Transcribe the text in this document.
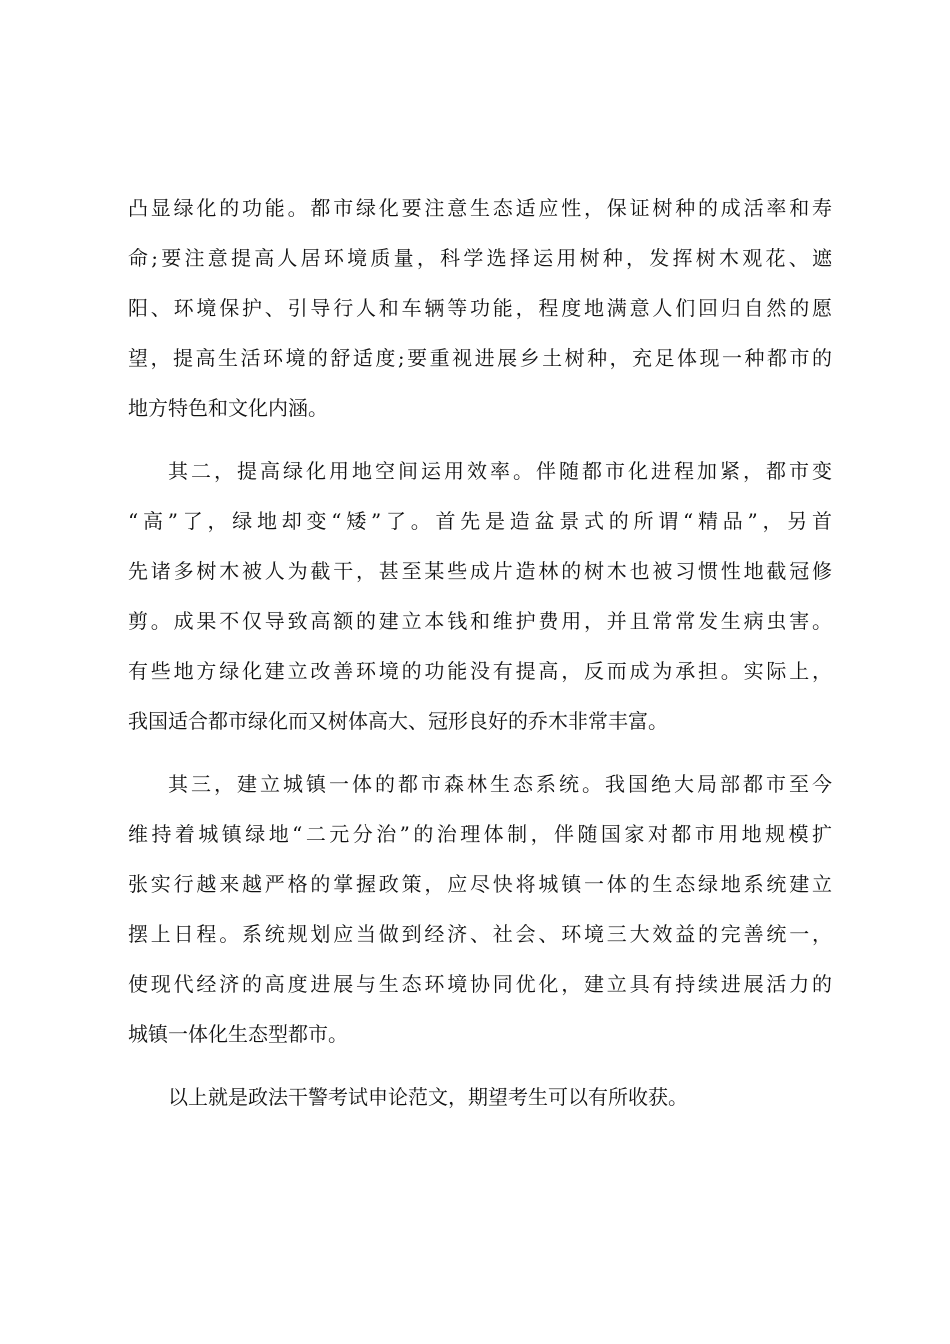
凸显绿化的功能。都市绿化要注意生态适应性，保证树种的成活率和寿
命;要注意提高人居环境质量，科学选择运用树种，发挥树木观花、遮
阳、环境保护、引导行人和车辆等功能，程度地满意人们回归自然的愿
望，提高生活环境的舒适度;要重视进展乡土树种，充足体现一种都市的
地方特色和文化内涵。
其二，提高绿化用地空间运用效率。伴随都市化进程加紧，都市变
“高”了，绿地却变“矮”了。首先是造盆景式的所谓“精品”，另首
先诸多树木被人为截干，甚至某些成片造林的树木也被习惯性地截冠修
剪。成果不仅导致高额的建立本钱和维护费用，并且常常发生病虫害。
有些地方绿化建立改善环境的功能没有提高，反而成为承担。实际上，
我国适合都市绿化而又树体高大、冠形良好的乔木非常丰富。
其三，建立城镇一体的都市森林生态系统。我国绝大局部都市至今
维持着城镇绿地“二元分治”的治理体制，伴随国家对都市用地规模扩
张实行越来越严格的掌握政策，应尽快将城镇一体的生态绿地系统建立
摆上日程。系统规划应当做到经济、社会、环境三大效益的完善统一，
使现代经济的高度进展与生态环境协同优化，建立具有持续进展活力的
城镇一体化生态型都市。
以上就是政法干警考试申论范文，期望考生可以有所收获。
